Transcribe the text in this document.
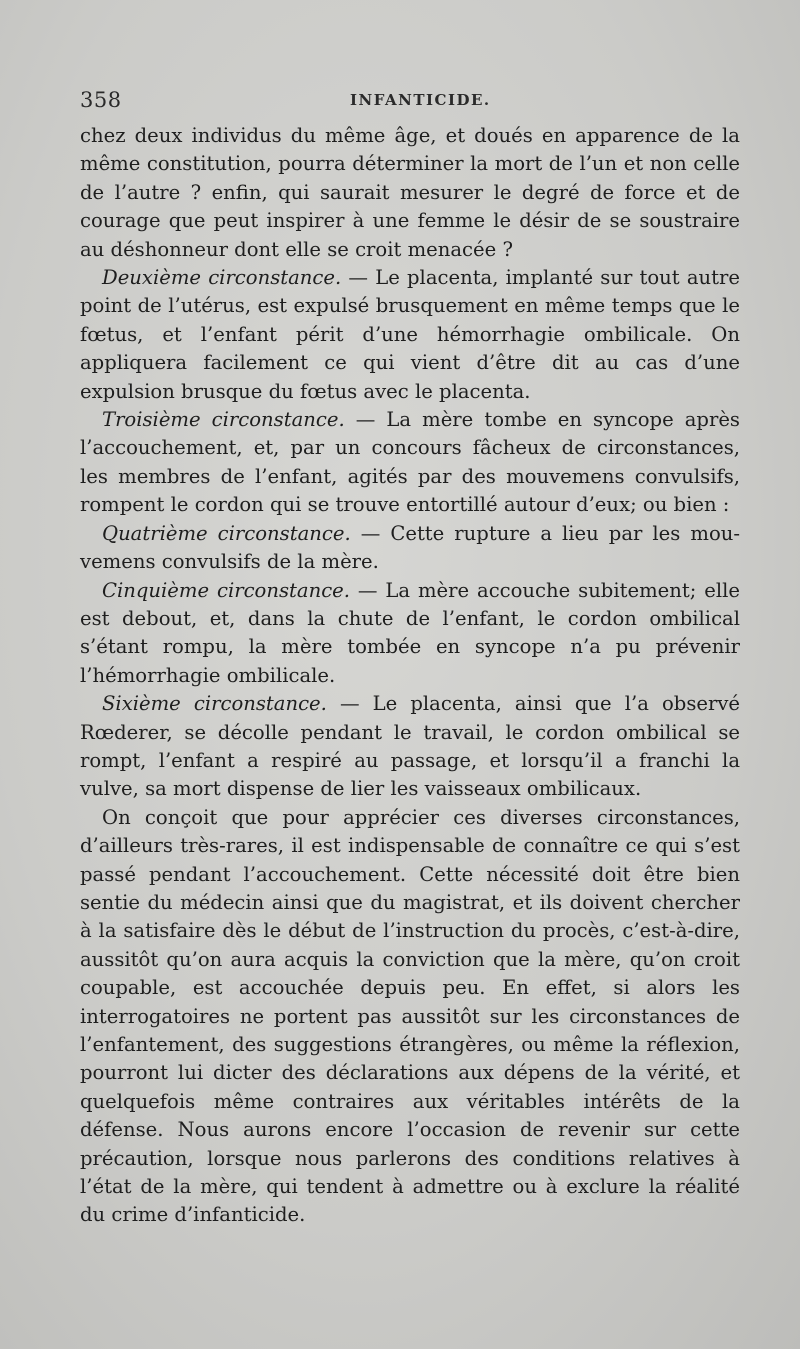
358	INFANTICIDE.

chez deux individus du même âge, et doués en apparence de la même constitution, pourra déterminer la mort de l’un et non celle de l’autre ? enfin, qui saurait mesurer le degré de force et de courage que peut inspirer à une femme le désir de se soustraire au déshonneur dont elle se croit menacée ?

Deuxième circonstance. — Le placenta, implanté sur tout autre point de l’utérus, est expulsé brusquement en même temps que le fœtus, et l’enfant périt d’une hémorrhagie ombilicale. On appliquera facilement ce qui vient d’être dit au cas d’une expulsion brusque du fœtus avec le placenta.

Troisième circonstance. — La mère tombe en syncope après l’accouchement, et, par un concours fâcheux de circonstances, les membres de l’enfant, agités par des mouvemens convulsifs, rompent le cordon qui se trouve entortillé autour d’eux; ou bien :

Quatrième circonstance. — Cette rupture a lieu par les mouvemens convulsifs de la mère.

Cinquième circonstance. — La mère accouche subitement; elle est debout, et, dans la chute de l’enfant, le cordon ombilical s’étant rompu, la mère tombée en syncope n’a pu prévenir l’hémorrhagie ombilicale.

Sixième circonstance. — Le placenta, ainsi que l’a observé Rœderer, se décolle pendant le travail, le cordon ombilical se rompt, l’enfant a respiré au passage, et lorsqu’il a franchi la vulve, sa mort dispense de lier les vaisseaux ombilicaux.

On conçoit que pour apprécier ces diverses circonstances, d’ailleurs très-rares, il est indispensable de connaître ce qui s’est passé pendant l’accouchement. Cette nécessité doit être bien sentie du médecin ainsi que du magistrat, et ils doivent chercher à la satisfaire dès le début de l’instruction du procès, c’est-à-dire, aussitôt qu’on aura acquis la conviction que la mère, qu’on croit coupable, est accouchée depuis peu. En effet, si alors les interrogatoires ne portent pas aussitôt sur les circonstances de l’enfantement, des suggestions étrangères, ou même la réflexion, pourront lui dicter des déclarations aux dépens de la vérité, et quelquefois même contraires aux véritables intérêts de la défense. Nous aurons encore l’occasion de revenir sur cette précaution, lorsque nous parlerons des conditions relatives à l’état de la mère, qui tendent à admettre ou à exclure la réalité du crime d’infanticide.
